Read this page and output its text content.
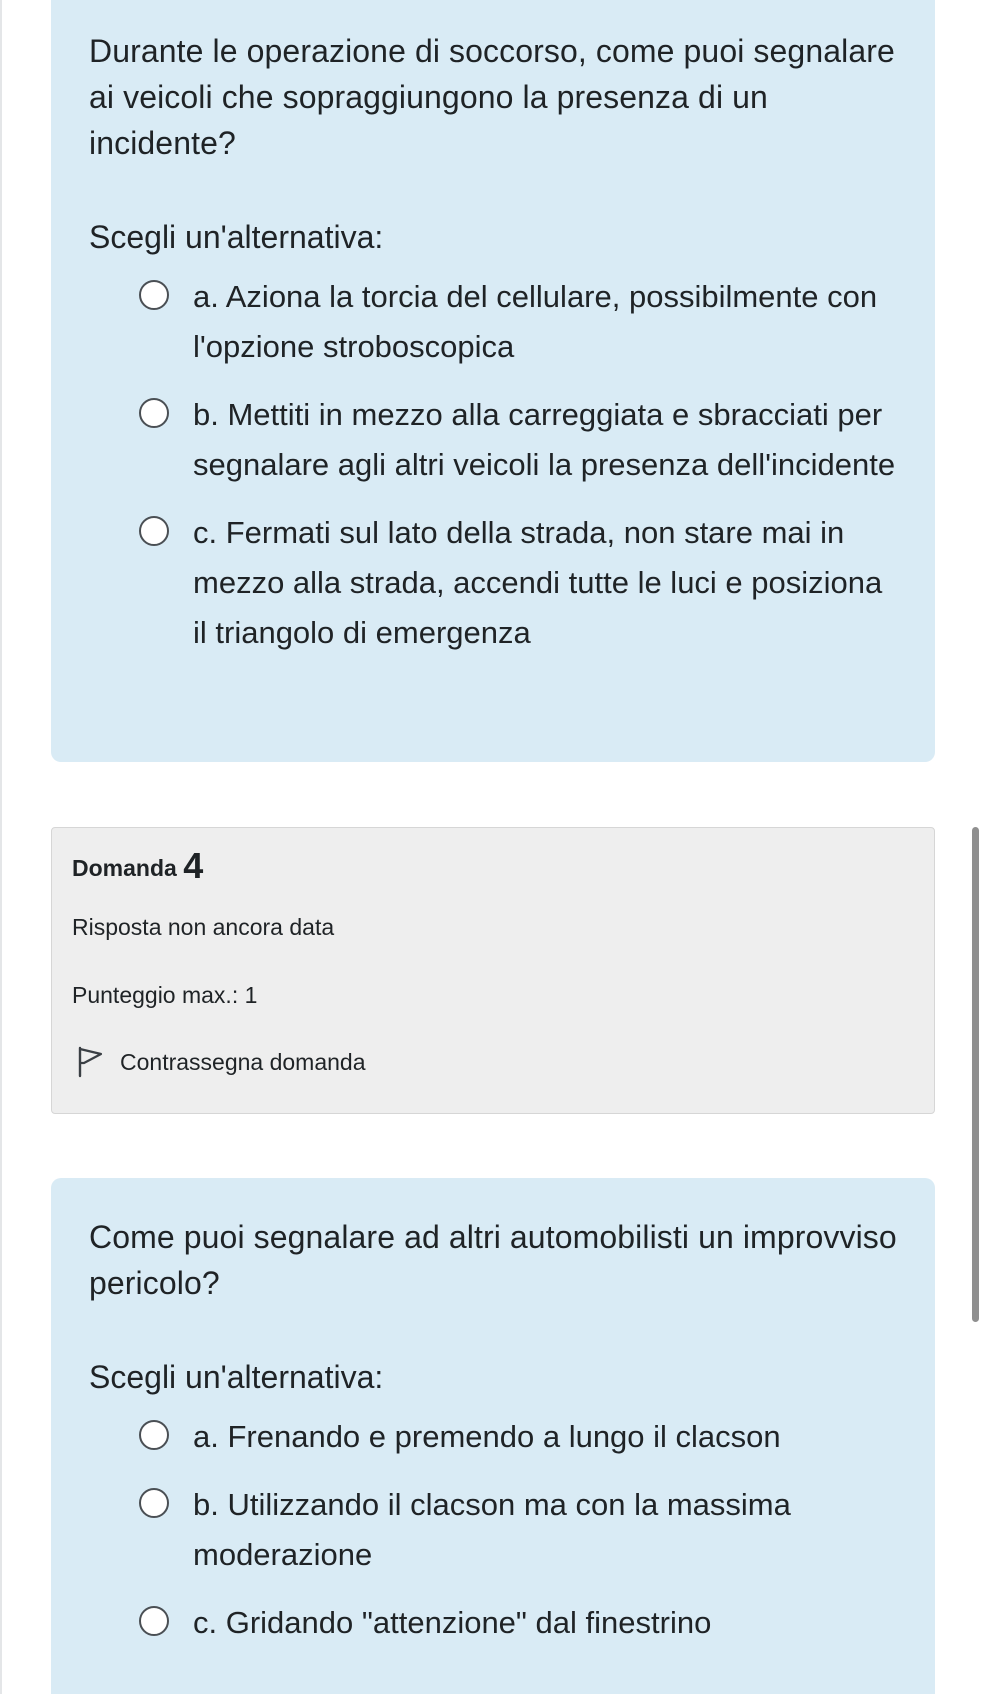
Durante le operazione di soccorso, come puoi segnalare ai veicoli che sopraggiungono la presenza di un incidente?

Scegli un'alternativa:

a. Aziona la torcia del cellulare, possibilmente con l'opzione stroboscopica
b. Mettiti in mezzo alla carreggiata e sbracciati per segnalare agli altri veicoli la presenza dell'incidente
c. Fermati sul lato della strada, non stare mai in mezzo alla strada, accendi tutte le luci e posiziona il triangolo di emergenza

Domanda 4

Risposta non ancora data

Punteggio max.: 1

Contrassegna domanda

Come puoi segnalare ad altri automobilisti un improvviso pericolo?

Scegli un'alternativa:

a. Frenando e premendo a lungo il clacson
b. Utilizzando il clacson ma con la massima moderazione
c. Gridando "attenzione" dal finestrino
